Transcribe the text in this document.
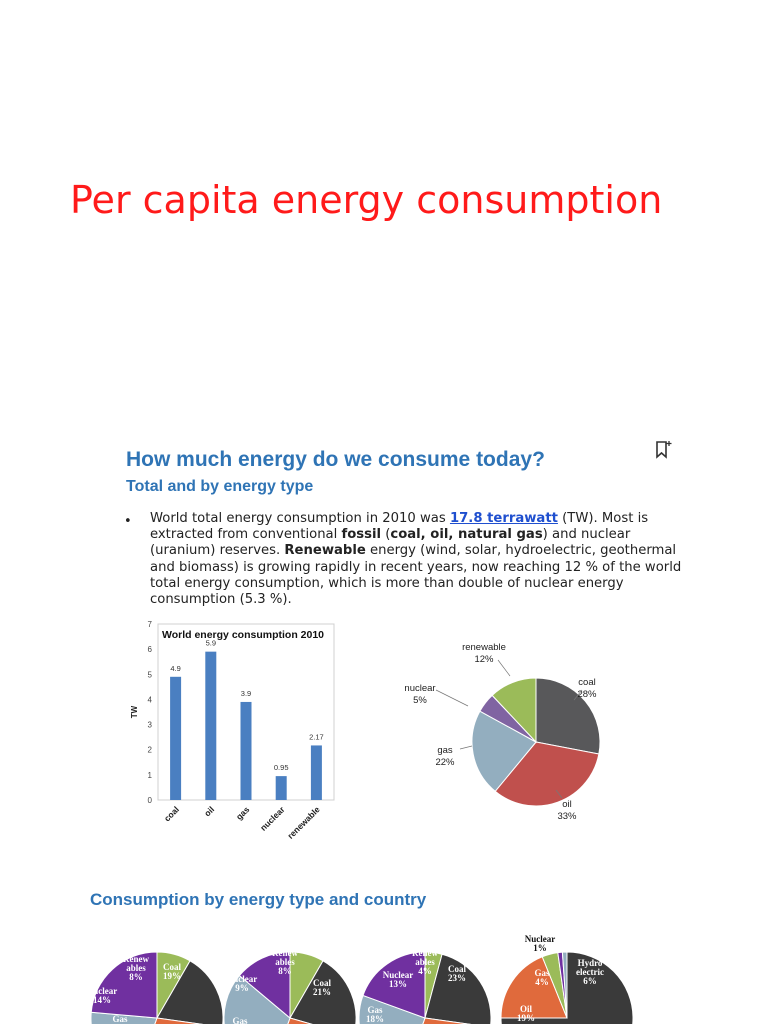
Per capita energy consumption
How much energy do we consume today?
Total and by energy type
• World total energy consumption in 2010 was 17.8 terrawatt (TW). Most is extracted from conventional fossil (coal, oil, natural gas) and nuclear (uranium) reserves. Renewable energy (wind, solar, hydroelectric, geothermal and biomass) is growing rapidly in recent years, now reaching 12 % of the world total energy consumption, which is more than double of nuclear energy consumption (5.3 %).
0
1
2
3
4
5
6
7
TW
World energy consumption 2010
4.9
coal
5.9
oil
3.9
gas
0.95
nuclear
2.17
renewable
coal
28%
oil
33%
gas
22%
nuclear
5%
renewable
12%
Consumption by energy type and country
Renew
ables
8%
Coal
19%
Nuclear
14%
Gas
Renew
ables
8%
Coal
21%
Nuclear
9%
Gas
Renew
ables
4% Coal
23%
Nuclear
13%
Gas
18%
Nuclear
1%
Hydro
electric
6%
Gas
4%
Oil
19%
